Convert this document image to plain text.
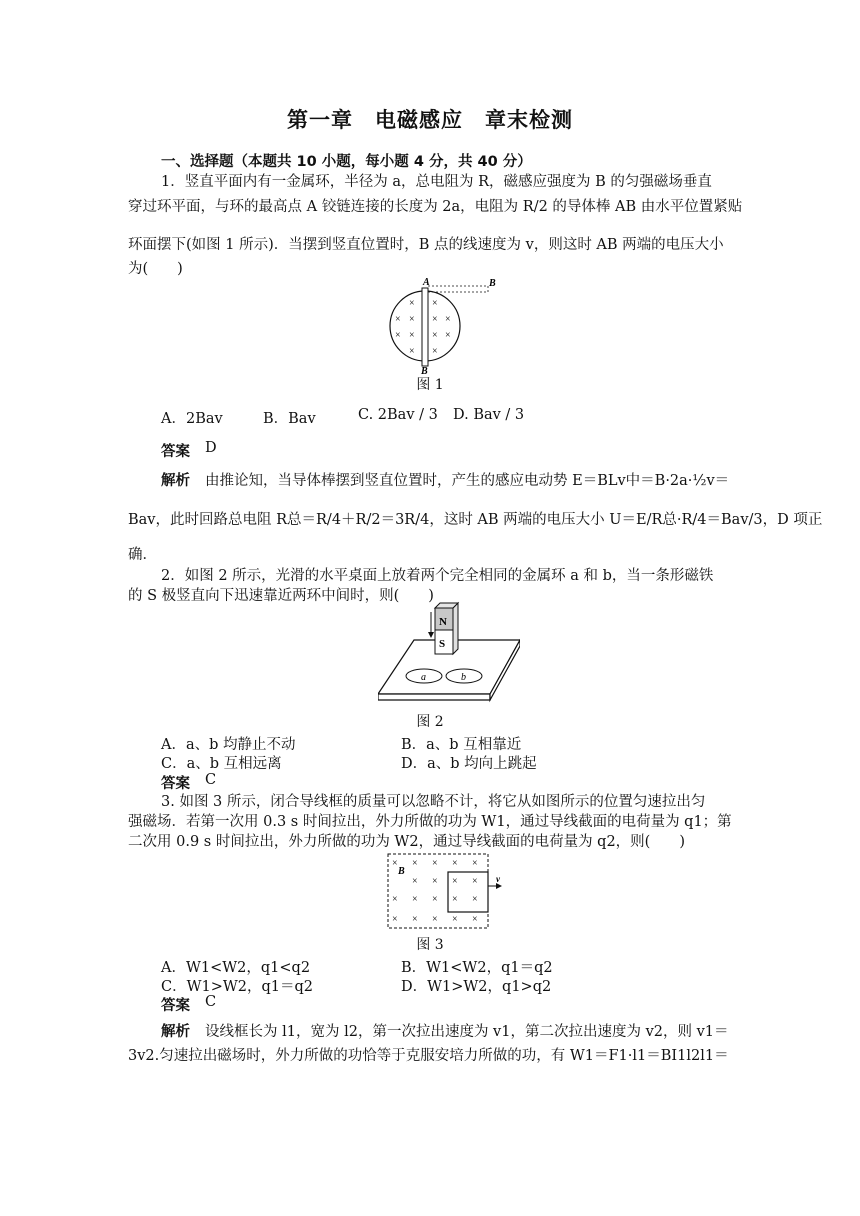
第一章　电磁感应　章末检测
一、选择题（本题共 10 小题，每小题 4 分，共 40 分）
1．竖直平面内有一金属环，半径为 a，总电阻为 R，磁感应强度为 B 的匀强磁场垂直
穿过环平面，与环的最高点 A 铰链连接的长度为 2a，电阻为 R/2 的导体棒 AB 由水平位置紧贴
环面摆下(如图 1 所示)．当摆到竖直位置时，B 点的线速度为 v，则这时 AB 两端的电压大小
为(　　)
A	B
B
× × × ×
× × × ×
× ×
× ×
图 1
A．2Bav	B．Bav	C. 2Bav / 3 D. Bav / 3
答案 D
解析 由推论知，当导体棒摆到竖直位置时，产生的感应电动势 E＝BLv中＝B·2a·½v＝
Bav，此时回路总电阻 R总＝R/4＋R/2＝3R/4，这时 AB 两端的电压大小 U＝E/R总·R/4＝Bav/3，D 项正
确．
2．如图 2 所示，光滑的水平桌面上放着两个完全相同的金属环 a 和 b，当一条形磁铁
的 S 极竖直向下迅速靠近两环中间时，则(　　)
N
S
a	b
图 2
A．a、b 均静止不动	B．a、b 互相靠近
C．a、b 互相远离	D．a、b 均向上跳起
答案 C
3. 如图 3 所示，闭合导线框的质量可以忽略不计，将它从如图所示的位置匀速拉出匀
强磁场．若第一次用 0.3 s 时间拉出，外力所做的功为 W1，通过导线截面的电荷量为 q1；第
二次用 0.9 s 时间拉出，外力所做的功为 W2，通过导线截面的电荷量为 q2，则(　　)
v
B
× × × × ×
× × × ×
× × × × ×
× × × × ×
图 3
A．W1<W2，q1<q2	B．W1<W2，q1＝q2
C．W1>W2，q1＝q2	D．W1>W2，q1>q2
答案 C
解析 设线框长为 l1，宽为 l2，第一次拉出速度为 v1，第二次拉出速度为 v2，则 v1＝
3v2.匀速拉出磁场时，外力所做的功恰等于克服安培力所做的功，有 W1＝F1·l1＝BI1l2l1＝
